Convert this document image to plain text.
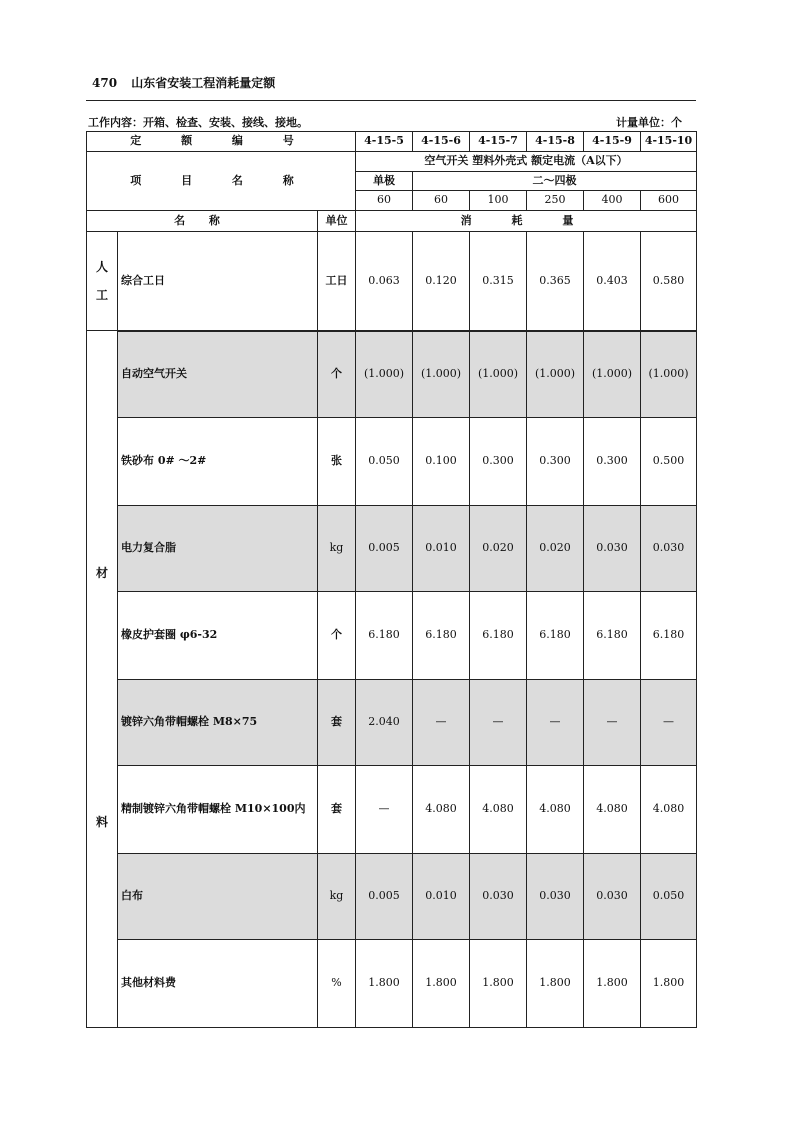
470 山东省安装工程消耗量定额
工作内容：开箱、检查、安装、接线、接地。	计量单位：个
定 额 编 号			4-15-5	4-15-6	4-15-7	4-15-8	4-15-9	4-15-10
项 目 名 称			空气开关 塑料外壳式 额定电流（A以下）					
			单极	二～四极				
			60	60	100	250	400	600
名 称		单位	消 耗 量					
人工	综合工日	工日	0.063	0.120	0.315	0.365	0.403	0.580

材
料								

	自动空气开关	个	(1.000)	(1.000)	(1.000)	(1.000)	(1.000)	(1.000)
	铁砂布 0# ～2#	张	0.050	0.100	0.300	0.300	0.300	0.500
	电力复合脂	kg	0.005	0.010	0.020	0.020	0.030	0.030
	橡皮护套圈 φ6-32	个	6.180	6.180	6.180	6.180	6.180	6.180
	镀锌六角带帽螺栓 M8×75	套	2.040	—	—	—	—	—
	精制镀锌六角带帽螺栓 M10×100内	套	—	4.080	4.080	4.080	4.080	4.080
	白布	kg	0.005	0.010	0.030	0.030	0.030	0.050
	其他材料费	%	1.800	1.800	1.800	1.800	1.800	1.800
